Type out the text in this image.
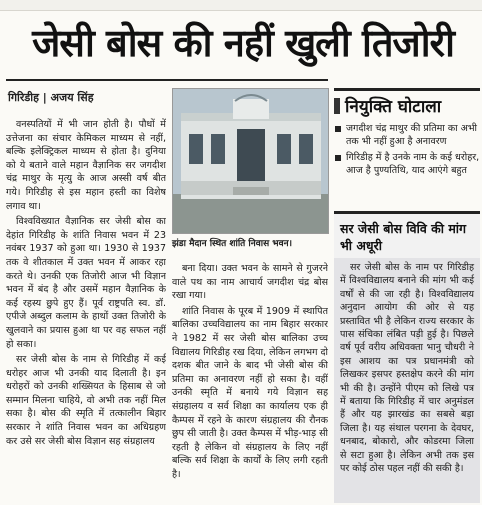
जेसी बोस की नहीं खुली तिजोरी
गिरिडीह | अजय सिंह

वनस्पतियों में भी जान होती है। पौधों में उत्तेजना का संचार केमिकल माध्यम से नहीं, बल्कि इलेक्ट्रिकल माध्यम से होता है। दुनिया को ये बताने वाले महान वैज्ञानिक सर जगदीश चंद्र माथुर के मृत्यु के आज अस्सी वर्ष बीत गये। गिरिडीह से इस महान हस्ती का विशेष लगाव था।

विश्वविख्यात वैज्ञानिक सर जेसी बोस का देहांत गिरिडीह के शांति निवास भवन में 23 नवंबर 1937 को हुआ था। 1930 से 1937 तक वे शीतकाल में उक्त भवन में आकर रहा करते थे। उनकी एक तिजोरी आज भी विज्ञान भवन में बंद है और उसमें महान वैज्ञानिक के कई रहस्य छुपे हुए हैं। पूर्व राष्ट्रपति स्व. डॉ. एपीजे अब्दुल कलाम के हाथों उक्त तिजोरी के खुलवाने का प्रयास हुआ था पर वह सफल नहीं हो सका।

सर जेसी बोस के नाम से गिरिडीह में कई धरोहर आज भी उनकी याद दिलाती है। इन धरोहरों को उनकी शख्सियत के हिसाब से जो सम्मान मिलना चाहिये, वो अभी तक नहीं मिल सका है। बोस की स्मृति में तत्कालीन बिहार सरकार ने शांति निवास भवन का अधिग्रहण कर उसे सर जेसी बोस विज्ञान सह संग्रहालय

झंडा मैदान स्थित शांति निवास भवन।

बना दिया। उक्त भवन के सामने से गुजरने वाले पथ का नाम आचार्य जगदीश चंद्र बोस रखा गया।

शांति निवास के पूरब में 1909 में स्थापित बालिका उच्चविद्यालय का नाम बिहार सरकार ने 1982 में सर जेसी बोस बालिका उच्च विद्यालय गिरिडीह रख दिया, लेकिन लगभग दो दशक बीत जाने के बाद भी जेसी बोस की प्रतिमा का अनावरण नहीं हो सका है। वहीं उनकी स्मृति में बनाये गये विज्ञान सह संग्रहालय व सर्व शिक्षा का कार्यालय एक ही कैम्पस में रहने के कारण संग्रहालय की रौनक छुप सी जाती है। उक्त कैम्पस में भीड़-भाड़ सी रहती है लेकिन वो संग्रहालय के लिए नहीं बल्कि सर्व शिक्षा के कार्यों के लिए लगी रहती है।

नियुक्ति घोटाला
जगदीश चंद्र माथुर की प्रतिमा का अभी तक भी नहीं हुआ है अनावरण
गिरिडीह में है उनके नाम के कई धरोहर, आज है पुण्यतिथि, याद आएंगे बहुत
सर जेसी बोस विवि की मांग भी अधूरी

सर जेसी बोस के नाम पर गिरिडीह में विश्वविद्यालय बनाने की मांग भी कई वर्षों से की जा रही है। विश्वविद्यालय अनुदान आयोग की ओर से यह प्रस्तावित भी है लेकिन राज्य सरकार के पास संचिका लंबित पड़ी हुई है। पिछले वर्ष पूर्व वरीय अधिवक्ता भानु चौधरी ने इस आशय का पत्र प्रधानमंत्री को लिखकर इसपर हस्तक्षेप करने की मांग भी की है। उन्होंने पीएम को लिखे पत्र में बताया कि गिरिडीह में चार अनुमंडल हैं और यह झारखंड का सबसे बड़ा जिला है। यह संथाल परगना के देवघर, धनबाद, बोकारो, और कोडरमा जिला से सटा हुआ है। लेकिन अभी तक इस पर कोई ठोस पहल नहीं की सकी है।
